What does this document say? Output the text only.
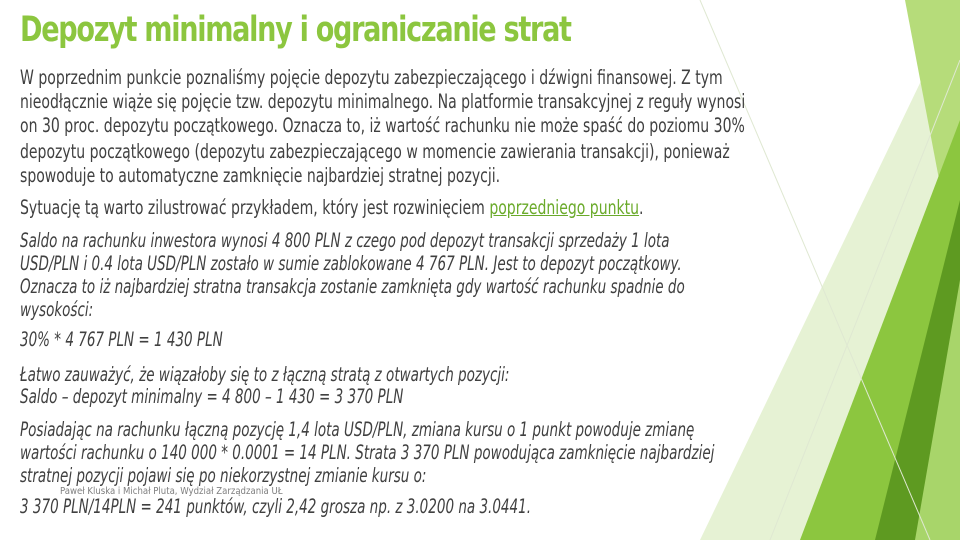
Depozyt minimalny i ograniczanie strat
W poprzednim punkcie poznaliśmy pojęcie depozytu zabezpieczającego i dźwigni finansowej. Z tym
nieodłącznie wiąże się pojęcie tzw. depozytu minimalnego. Na platformie transakcyjnej z reguły wynosi
on 30 proc. depozytu początkowego. Oznacza to, iż wartość rachunku nie może spaść do poziomu 30%
depozytu początkowego (depozytu zabezpieczającego w momencie zawierania transakcji), ponieważ
spowoduje to automatyczne zamknięcie najbardziej stratnej pozycji.
Sytuację tą warto zilustrować przykładem, który jest rozwinięciem poprzedniego punktu.
Saldo na rachunku inwestora wynosi 4 800 PLN z czego pod depozyt transakcji sprzedaży 1 lota
USD/PLN i 0.4 lota USD/PLN zostało w sumie zablokowane 4 767 PLN. Jest to depozyt początkowy.
Oznacza to iż najbardziej stratna transakcja zostanie zamknięta gdy wartość rachunku spadnie do
wysokości:
30% * 4 767 PLN = 1 430 PLN
Łatwo zauważyć, że wiązałoby się to z łączną stratą z otwartych pozycji:
Saldo – depozyt minimalny = 4 800 – 1 430 = 3 370 PLN
Posiadając na rachunku łączną pozycję 1,4 lota USD/PLN, zmiana kursu o 1 punkt powoduje zmianę
wartości rachunku o 140 000 * 0.0001 = 14 PLN. Strata 3 370 PLN powodująca zamknięcie najbardziej
stratnej pozycji pojawi się po niekorzystnej zmianie kursu o:
3 370 PLN/14PLN = 241 punktów, czyli 2,42 grosza np. z 3.0200 na 3.0441.
Paweł Kluska i Michał Pluta, Wydział Zarządzania UŁ
